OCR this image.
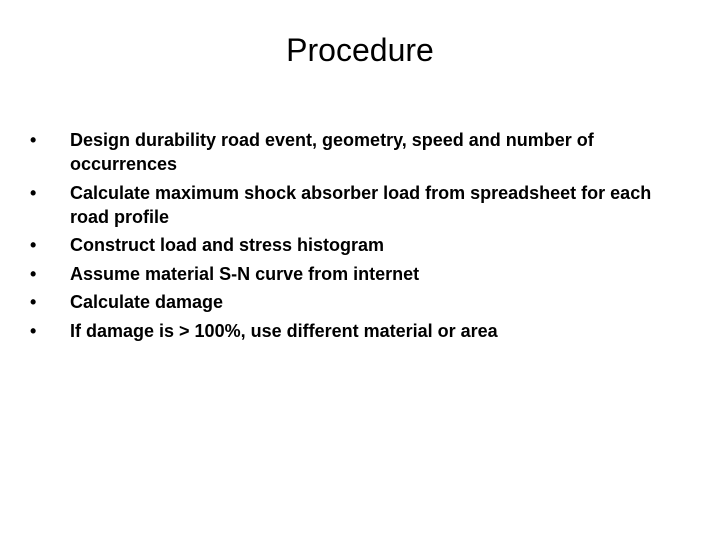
Procedure
•	Design durability road event, geometry, speed and number of occurrences
•	Calculate maximum shock absorber load from spreadsheet for each road profile
•	Construct load and stress histogram
•	Assume material S-N curve from internet
•	Calculate damage
•	If damage is > 100%, use different material or area
